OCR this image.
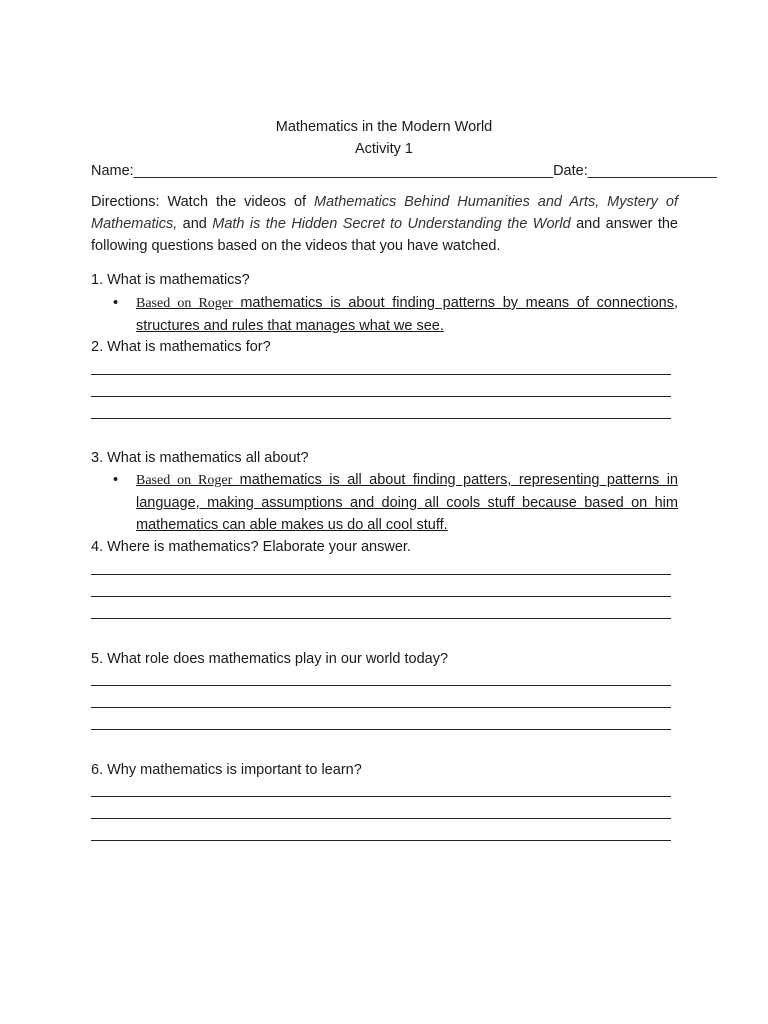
Mathematics in the Modern World
Activity 1
Name:____________________________________________________Date:________________
Directions: Watch the videos of Mathematics Behind Humanities and Arts, Mystery of Mathematics, and Math is the Hidden Secret to Understanding the World and answer the following questions based on the videos that you have watched.
1. What is mathematics?
• Based on Roger mathematics is about finding patterns by means of connections, structures and rules that manages what we see.
2. What is mathematics for?
3. What is mathematics all about?
• Based on Roger mathematics is all about finding patters, representing patterns in language, making assumptions and doing all cools stuff because based on him mathematics can able makes us do all cool stuff.
4. Where is mathematics? Elaborate your answer.
5. What role does mathematics play in our world today?
6. Why mathematics is important to learn?
